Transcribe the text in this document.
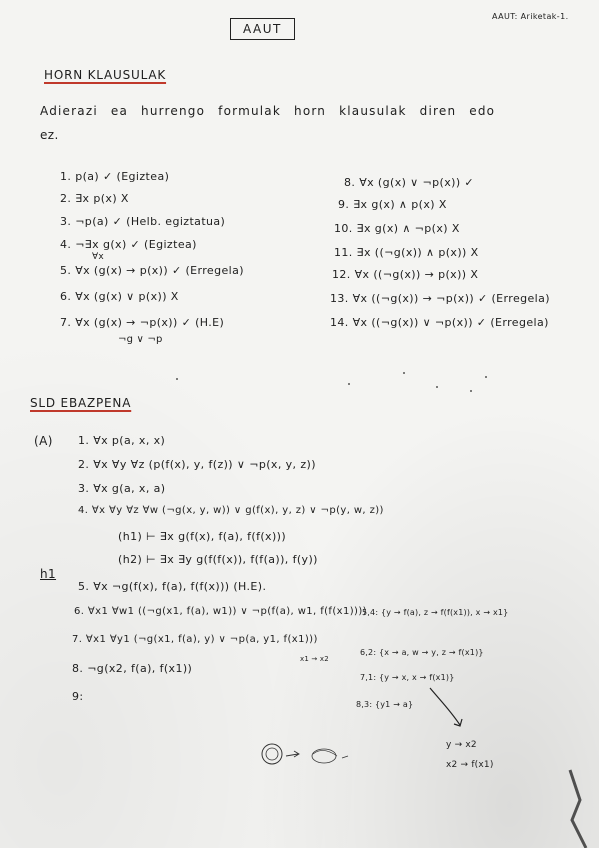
AAUT: Ariketak-1.
AAUT
HORN KLAUSULAK
Adierazi ea hurrengo formulak horn klausulak diren edo
ez.
1. p(a) ✓ (Egiztea)
2. ∃x p(x) X
3. ¬p(a) ✓ (Helb. egiztatua)
4. ¬∃x g(x) ✓ (Egiztea)
∀x
5. ∀x (g(x) → p(x)) ✓ (Erregela)
6. ∀x (g(x) ∨ p(x)) X
7. ∀x (g(x) → ¬p(x)) ✓ (H.E)
¬g ∨ ¬p
8. ∀x (g(x) ∨ ¬p(x)) ✓
9. ∃x g(x) ∧ p(x) X
10. ∃x g(x) ∧ ¬p(x) X
11. ∃x ((¬g(x)) ∧ p(x)) X
12. ∀x ((¬g(x)) → p(x)) X
13. ∀x ((¬g(x)) → ¬p(x)) ✓ (Erregela)
14. ∀x ((¬g(x)) ∨ ¬p(x)) ✓ (Erregela)
SLD EBAZPENA
(A) 1. ∀x p(a, x, x)
2. ∀x ∀y ∀z (p(f(x), y, f(z)) ∨ ¬p(x, y, z))
3. ∀x g(a, x, a)
4. ∀x ∀y ∀z ∀w (¬g(x, y, w)) ∨ g(f(x), y, z) ∨ ¬p(y, w, z))
(h1) ⊢ ∃x g(f(x), f(a), f(f(x)))
(h2) ⊢ ∃x ∃y g(f(f(x)), f(f(a)), f(y))
h1
5. ∀x ¬g(f(x), f(a), f(f(x))) (H.E).
6. ∀x1 ∀w1 ((¬g(x1, f(a), w1)) ∨ ¬p(f(a), w1, f(f(x1))))
7. ∀x1 ∀y1 (¬g(x1, f(a), y) ∨ ¬p(a, y1, f(x1)))
x1 → x2
8. ¬g(x2, f(a), f(x1))
9:
5,4: {y → f(a), z → f(f(x1)), x → x1}
6,2: {x → a, w → y, z → f(x1)}
7,1: {y → x, x → f(x1)}
8,3: {y1 → a}
y → x2
x2 → f(x1)
